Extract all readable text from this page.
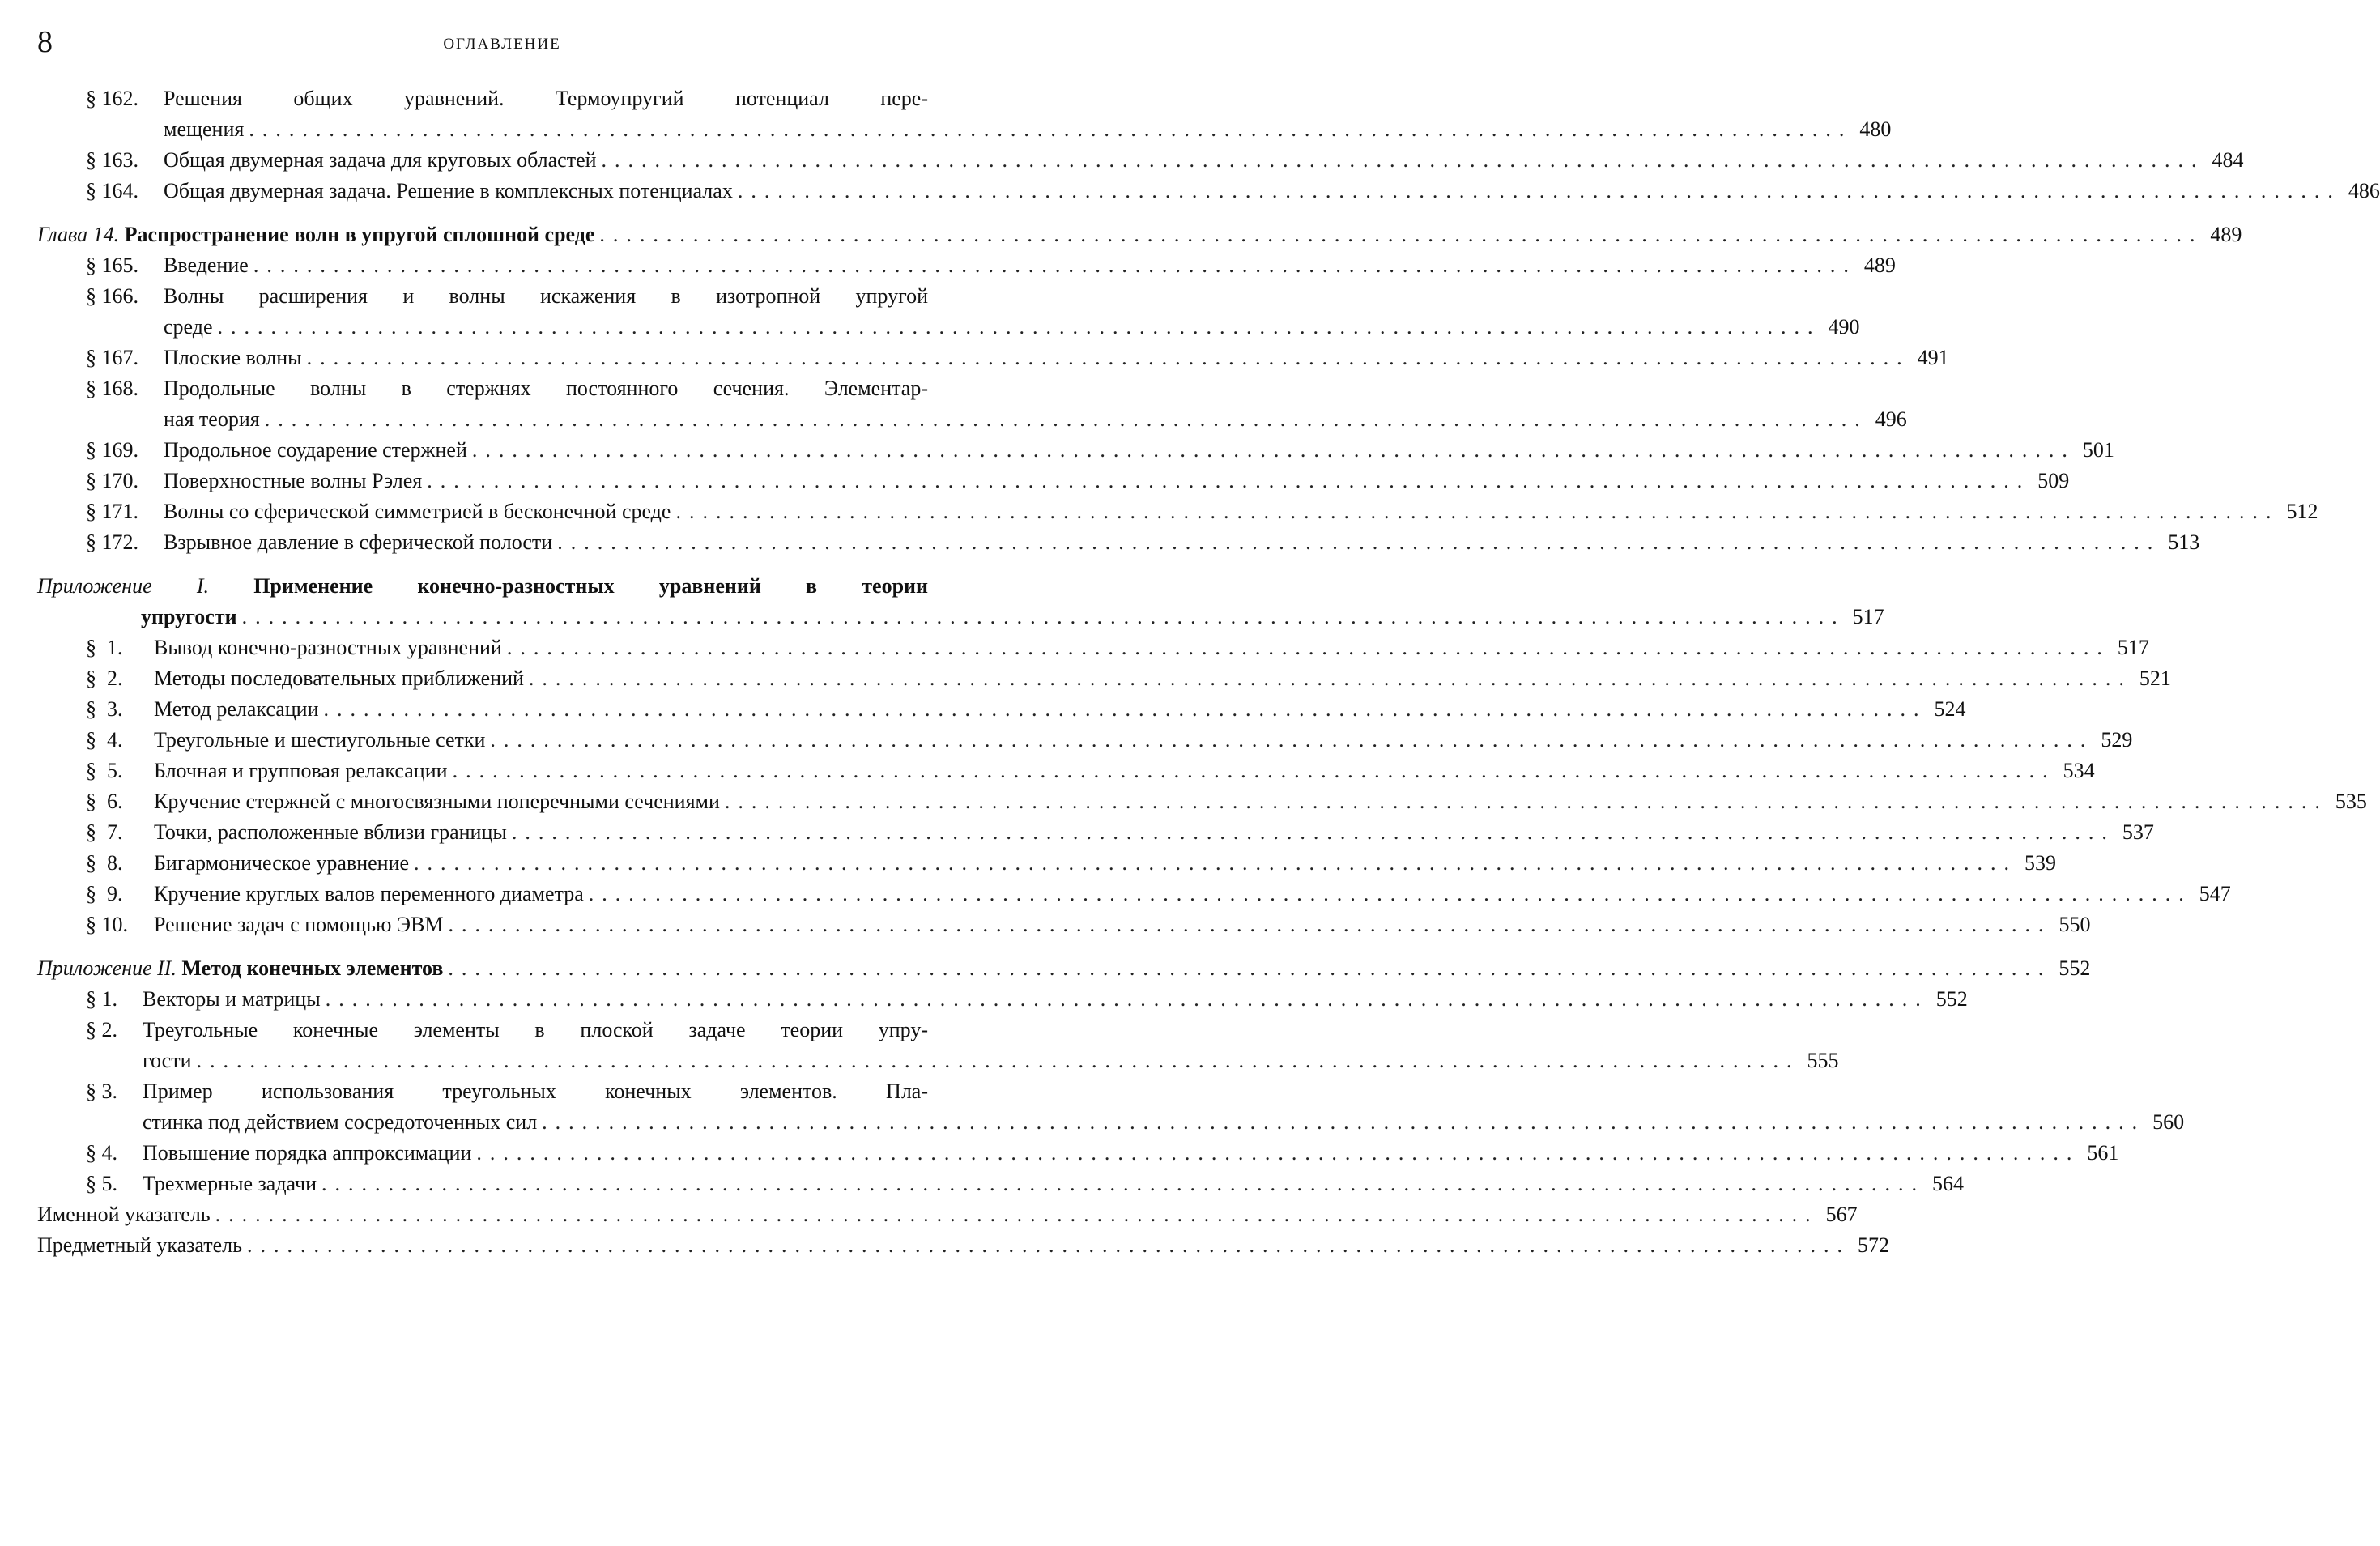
8	ОГЛАВЛЕНИЕ
§ 162.	Решения общих уравнений. Термоупругий потенциал пере-
мещения ........................................................................................................................ 480
§ 163.	Общая двумерная задача для круговых областей ........................................................................................................................ 484
§ 164.	Общая двумерная задача. Решение в комплексных потенциалах ........................................................................................................................ 486
Глава 14. Распространение волн в упругой сплошной среде ........................................................................................................................ 489
§ 165.	Введение ........................................................................................................................ 489
§ 166.	Волны расширения и волны искажения в изотропной упругой
среде ........................................................................................................................ 490
§ 167.	Плоские волны ........................................................................................................................ 491
§ 168.	Продольные волны в стержнях постоянного сечения. Элементар-
ная теория ........................................................................................................................ 496
§ 169.	Продольное соударение стержней ........................................................................................................................ 501
§ 170.	Поверхностные волны Рэлея ........................................................................................................................ 509
§ 171.	Волны со сферической симметрией в бесконечной среде ........................................................................................................................ 512
§ 172.	Взрывное давление в сферической полости ........................................................................................................................ 513
Приложение I. Применение конечно-разностных уравнений в теории
упругости ........................................................................................................................ 517
§  1.	Вывод конечно-разностных уравнений ........................................................................................................................ 517
§  2.	Методы последовательных приближений ........................................................................................................................ 521
§  3.	Метод релаксации ........................................................................................................................ 524
§  4.	Треугольные и шестиугольные сетки ........................................................................................................................ 529
§  5.	Блочная и групповая релаксации ........................................................................................................................ 534
§  6.	Кручение стержней с многосвязными поперечными сечениями ........................................................................................................................ 535
§  7.	Точки, расположенные вблизи границы ........................................................................................................................ 537
§  8.	Бигармоническое уравнение ........................................................................................................................ 539
§  9.	Кручение круглых валов переменного диаметра ........................................................................................................................ 547
§ 10.	Решение задач с помощью ЭВМ ........................................................................................................................ 550
Приложение II. Метод конечных элементов ........................................................................................................................ 552
§ 1.	Векторы и матрицы ........................................................................................................................ 552
§ 2.	Треугольные конечные элементы в плоской задаче теории упру-
гости ........................................................................................................................ 555
§ 3.	Пример использования треугольных конечных элементов. Пла-
стинка под действием сосредоточенных сил ........................................................................................................................ 560
§ 4.	Повышение порядка аппроксимации ........................................................................................................................ 561
§ 5.	Трехмерные задачи ........................................................................................................................ 564
Именной указатель ........................................................................................................................ 567
Предметный указатель ........................................................................................................................ 572
